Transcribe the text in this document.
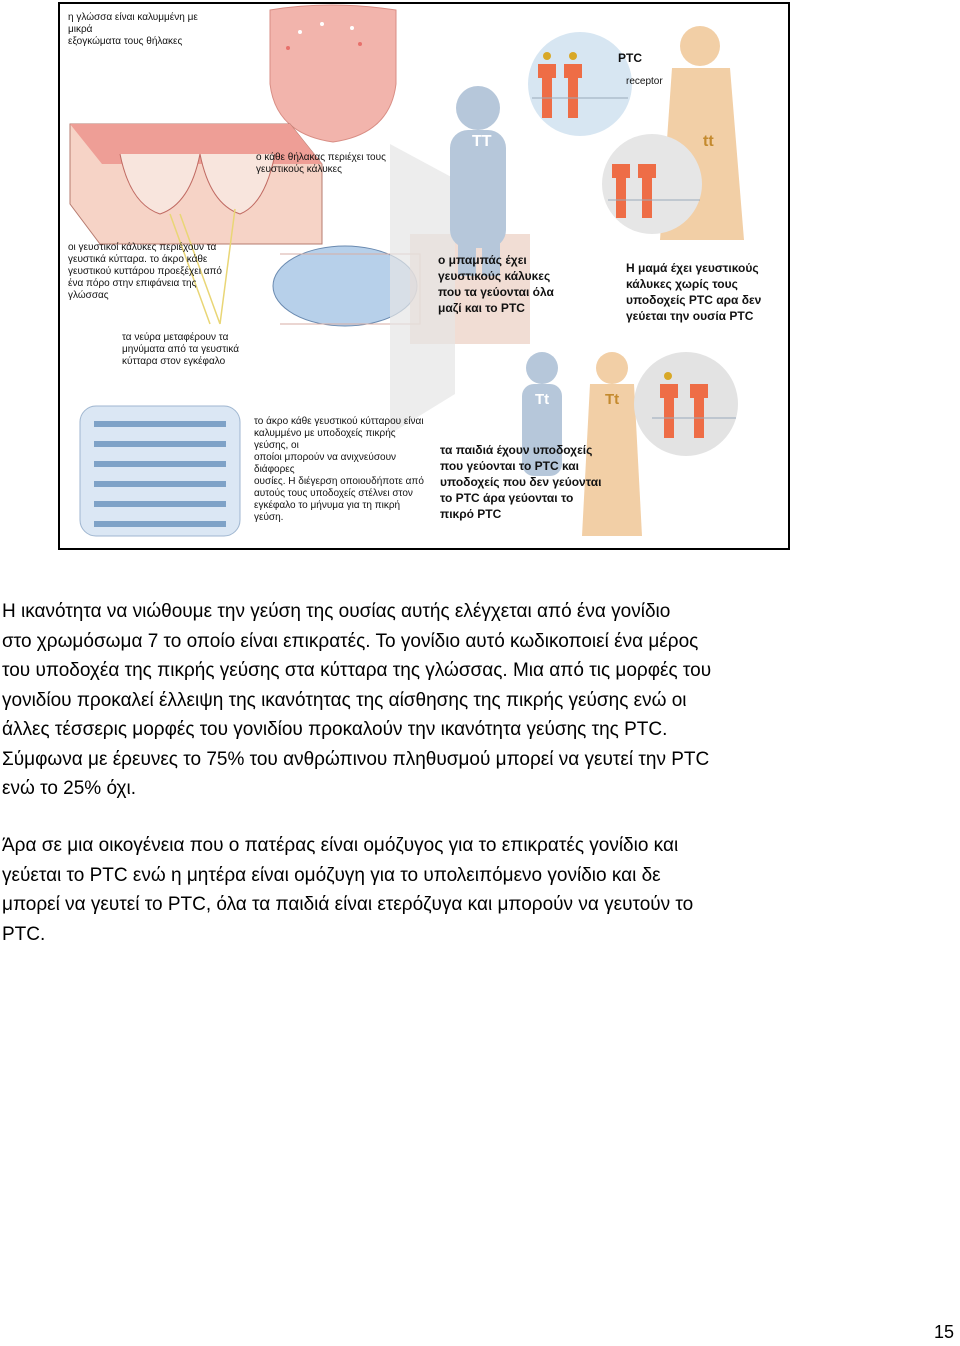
η γλώσσα είναι καλυμμένη με μικρά
εξογκώματα τους θήλακες
ο κάθε θήλακας περιέχει τους
γευστικούς κάλυκες
οι γευστικοί κάλυκες περιέχουν τα
γευστικά κύτταρα. το άκρο κάθε
γευστικού κυττάρου προεξέχει από
ένα πόρο στην επιφάνεια της γλώσσας
τα νεύρα μεταφέρουν τα
μηνύματα από τα γευστικά
κύτταρα στον εγκέφαλο
το άκρο κάθε γευστικού κύτταρου είναι
καλυμμένο με υποδοχείς πικρής γεύσης, οι
οποίοι μπορούν να ανιχνεύσουν διάφορες
ουσίες. Η διέγερση οποιουδήποτε από
αυτούς τους υποδοχείς στέλνει στον
εγκέφαλο το μήνυμα για τη πικρή γεύση.
ο μπαμπάς έχει
γευστικούς κάλυκες
που τα γεύονται όλα
μαζί και το PTC
Η μαμά έχει γευστικούς
κάλυκες χωρίς τους
υποδοχείς PTC αρα δεν
γεύεται την ουσία PTC
τα παιδιά έχουν υποδοχείς
που γεύονται το PTC και
υποδοχείς που δεν γεύονται
το PTC άρα γεύονται το
πικρό PTC
PTC
receptor
TT	tt
Tt	Tt
Η ικανότητα να νιώθουμε την γεύση της ουσίας αυτής ελέγχεται από ένα γονίδιο
στο χρωμόσωμα 7 το οποίο είναι επικρατές. Το γονίδιο αυτό κωδικοποιεί ένα μέρος
του υποδοχέα της πικρής γεύσης στα κύτταρα της γλώσσας. Μια από τις μορφές του
γονιδίου προκαλεί έλλειψη της ικανότητας της αίσθησης της πικρής γεύσης ενώ οι
άλλες τέσσερις μορφές του γονιδίου προκαλούν την ικανότητα γεύσης της PTC.
Σύμφωνα με έρευνες το 75% του ανθρώπινου πληθυσμού μπορεί να γευτεί την PTC
ενώ το 25% όχι.
Άρα σε μια οικογένεια που ο πατέρας είναι ομόζυγος για το επικρατές γονίδιο και
γεύεται το PTC ενώ η μητέρα είναι ομόζυγη για το υπολειπόμενο γονίδιο και δε
μπορεί να γευτεί το PTC, όλα τα παιδιά είναι ετερόζυγα και μπορούν να γευτούν το
PTC.
15
